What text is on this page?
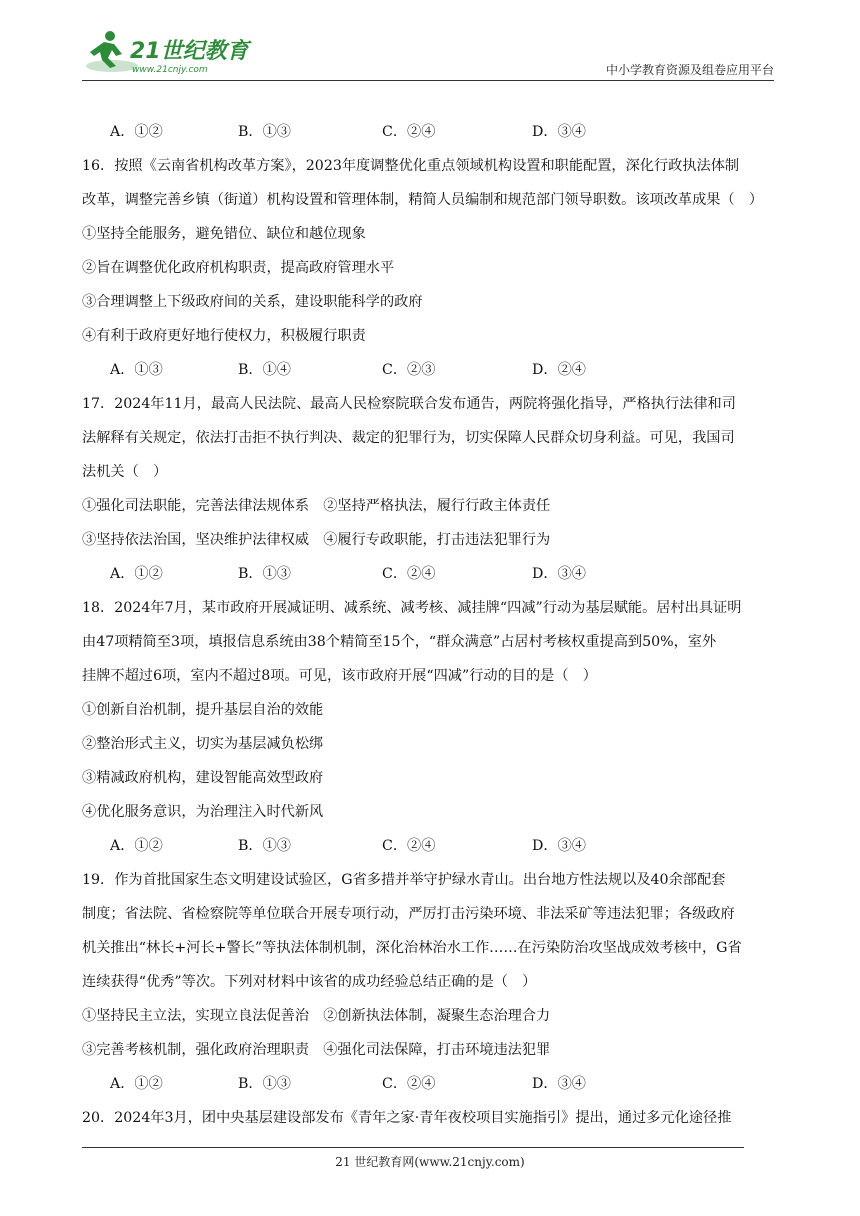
21世纪教育
www.21cnjy.com	中小学教育资源及组卷应用平台
A．①②	B．①③	C．②④	D．③④
16．按照《云南省机构改革方案》，2023年度调整优化重点领域机构设置和职能配置，深化行政执法体制
改革，调整完善乡镇（街道）机构设置和管理体制，精简人员编制和规范部门领导职数。该项改革成果（　）
①坚持全能服务，避免错位、缺位和越位现象
②旨在调整优化政府机构职责，提高政府管理水平
③合理调整上下级政府间的关系，建设职能科学的政府
④有利于政府更好地行使权力，积极履行职责
A．①③	B．①④	C．②③	D．②④
17．2024年11月，最高人民法院、最高人民检察院联合发布通告，两院将强化指导，严格执行法律和司
法解释有关规定，依法打击拒不执行判决、裁定的犯罪行为，切实保障人民群众切身利益。可见，我国司
法机关（　）
①强化司法职能，完善法律法规体系　②坚持严格执法，履行行政主体责任
③坚持依法治国，坚决维护法律权威　④履行专政职能，打击违法犯罪行为
A．①②	B．①③	C．②④	D．③④
18．2024年7月，某市政府开展减证明、减系统、减考核、减挂牌“四减”行动为基层赋能。居村出具证明
由47项精简至3项，填报信息系统由38个精简至15个，“群众满意”占居村考核权重提高到50%，室外
挂牌不超过6项，室内不超过8项。可见，该市政府开展“四减”行动的目的是（　）
①创新自治机制，提升基层自治的效能
②整治形式主义，切实为基层减负松绑
③精减政府机构，建设智能高效型政府
④优化服务意识，为治理注入时代新风
A．①②	B．①③	C．②④	D．③④
19．作为首批国家生态文明建设试验区，G省多措并举守护绿水青山。出台地方性法规以及40余部配套
制度；省法院、省检察院等单位联合开展专项行动，严厉打击污染环境、非法采矿等违法犯罪；各级政府
机关推出“林长+河长+警长”等执法体制机制，深化治林治水工作……在污染防治攻坚战成效考核中，G省
连续获得“优秀”等次。下列对材料中该省的成功经验总结正确的是（　）
①坚持民主立法，实现立良法促善治　②创新执法体制，凝聚生态治理合力
③完善考核机制，强化政府治理职责　④强化司法保障，打击环境违法犯罪
A．①②	B．①③	C．②④	D．③④
20．2024年3月，团中央基层建设部发布《青年之家·青年夜校项目实施指引》提出，通过多元化途径推
21 世纪教育网(www.21cnjy.com)
